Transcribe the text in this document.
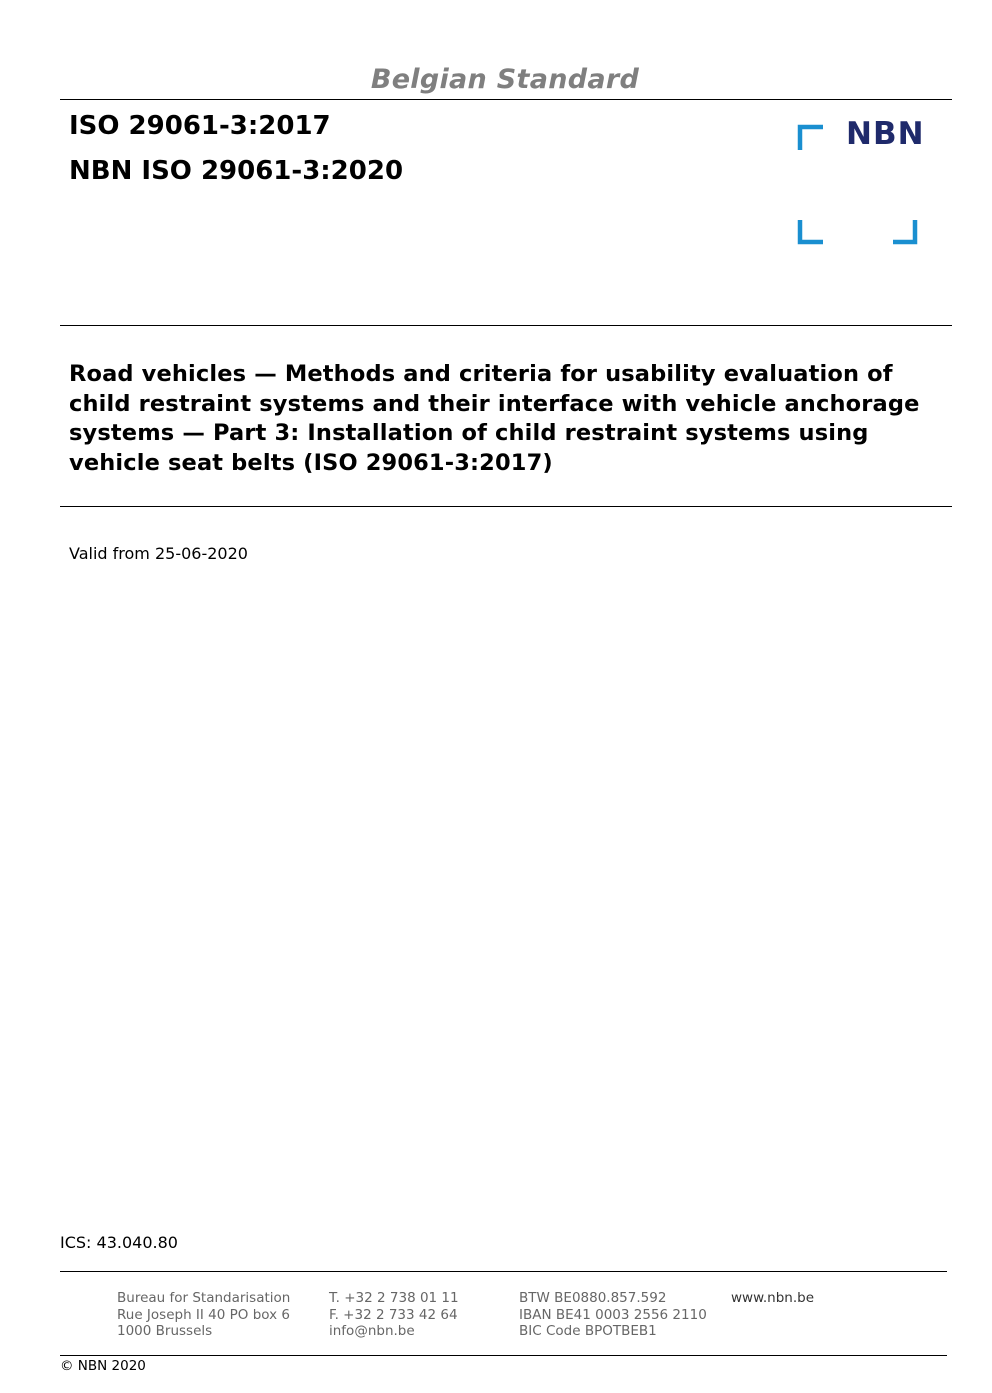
Belgian Standard
ISO 29061-3:2017
NBN ISO 29061-3:2020
NBN
Road vehicles — Methods and criteria for usability evaluation of
child restraint systems and their interface with vehicle anchorage
systems — Part 3: Installation of child restraint systems using
vehicle seat belts (ISO 29061-3:2017)
Valid from 25-06-2020
ICS: 43.040.80
Bureau for Standarisation
Rue Joseph II 40 PO box 6
1000 Brussels
T. +32 2 738 01 11
F. +32 2 733 42 64
info@nbn.be
BTW BE0880.857.592
IBAN BE41 0003 2556 2110
BIC Code BPOTBEB1
www.nbn.be
© NBN 2020
